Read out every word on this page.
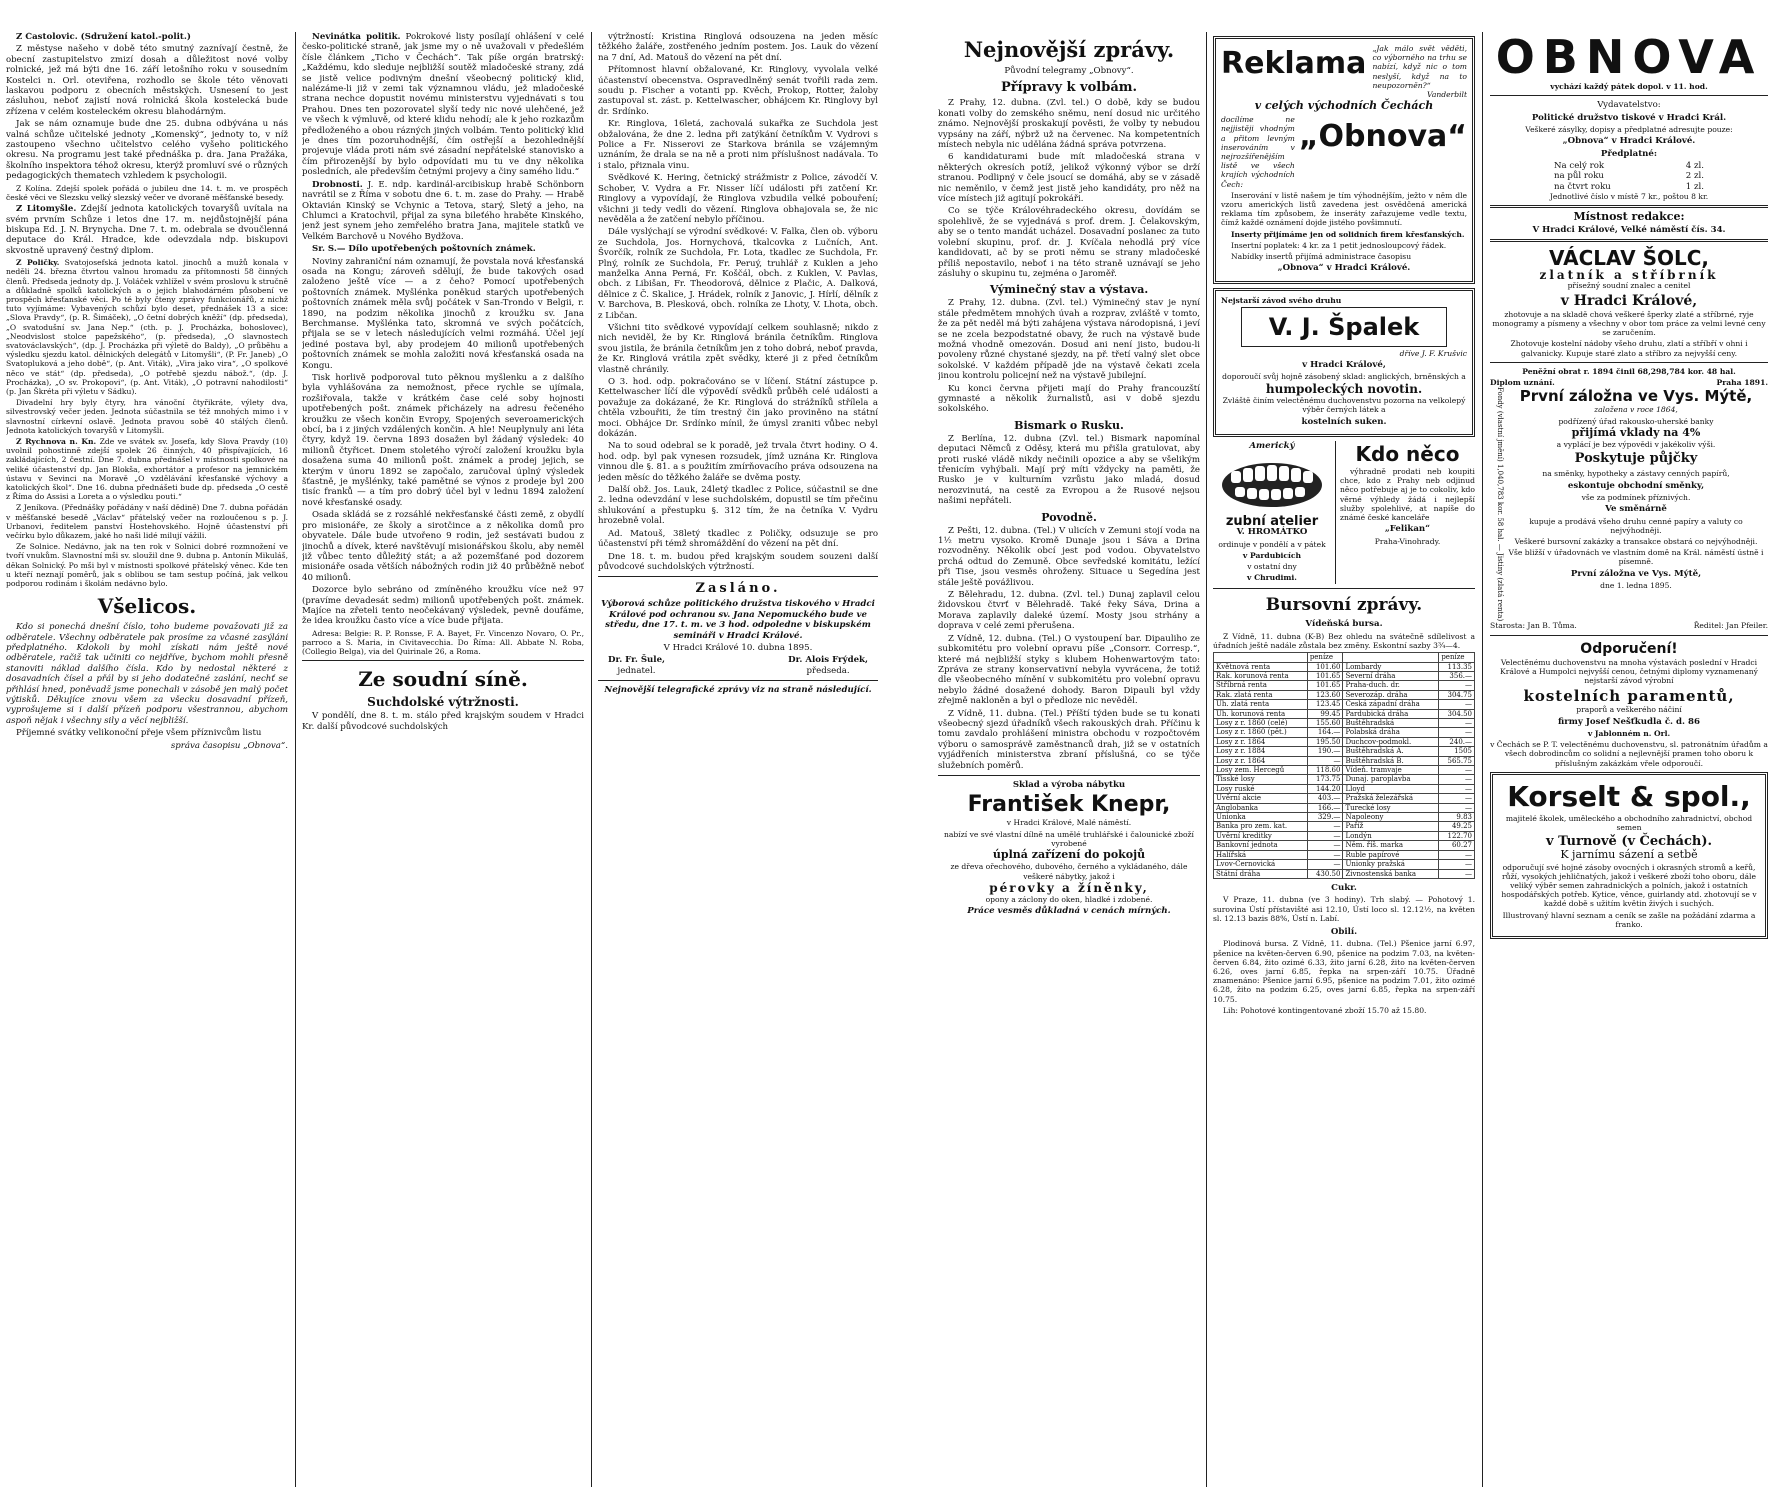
Z Častolovic. (Sdružení katol.-polit.)

Z městyse našeho v době této smutný zaznívají čestně, že obecní zastupitelstvo zmizí dosah a důležitost nové volby rolnické, jež má býti dne 16. září letošního roku v sousedním Kostelci n. Orl. oteviřena, rozhodlo se škole této věnovati laskavou podporu z obecních městských. Usnesení to jest zásluhou, neboť zajistí nová rolnická škola kostelecká bude zřízena v celém kosteleckém okresu blahodárným.

Jak se nám oznamuje bude dne 25. dubna odbývána u nás valná schůze učitelské jednoty „Komenský“, jednoty to, v níž zastoupeno všechno učitelstvo celého vyšeho politického okresu. Na programu jest také přednáška p. dra. Jana Pražáka, školního inspektora téhož okresu, kterýž promluví své o různých pedagogických thematech vzhledem k psychologii.

Z Kolína. Zdejší spolek pořádá o jubileu dne 14. t. m. ve prospěch české věci ve Slezsku velký slezský večer ve dvoraně měšťanské besedy.

Z Litomyšle. Zdejší jednota katolických tovaryšů uvítala na svém prvním Schůze i letos dne 17. m. nejdůstojnější pána biskupa Ed. J. N. Brynycha. Dne 7. t. m. odebrala se dvoučlenná deputace do Král. Hradce, kde odevzdala ndp. biskupovi skvostně upravený čestný diplom.

Z Poličky. Svatojosefská jednota katol. jinochů a mužů konala v neděli 24. března čtvrtou valnou hromadu za přítomnosti 58 činných členů. Předseda jednoty dp. J. Voláček vzhlížel v svém proslovu k stručně a důkladně spolků katolických a o jejich blahodárném působení ve prospěch křesťanské věci. Po té byly čteny zprávy funkcionářů, z nichž tuto vyjímáme: Vybavených schůzí bylo deset, přednášek 13 a sice: „Slova Pravdy“, (p. R. Šimáček), „O četní dobrých kněží“ (dp. předseda), „O svatodušní sv. Jana Nep.“ (cth. p. J. Procházka, bohoslovec), „Neodvislost stolce papežského“, (p. předseda), „O slavnostech svatováclavských“, (dp. J. Procházka při výletě do Baldy), „O průběhu a výsledku sjezdu katol. dělnických delegátů v Litomyšli“, (P. Fr. Janeb) „O Svatopluková a jeho době“, (p. Ant. Viták), „Vira jako vira“, „O spolkové něco ve stát“ (dp. předseda), „O potřebě sjezdu nábož.“, (dp. J. Procházka), „O sv. Prokopovi“, (p. Ant. Viták), „O potravní nahodilosti“ (p. Jan Škréta při výletu v Sádku).

Divadelní hry byly čtyry, hra vánoční čtyřikráte, výlety dva, silvestrovský večer jeden. Jednota súčastnila se též mnohých mimo i v slavnostní církevní oslavě. Jednota pravou sobě 40 stálých členů. Jednota katolických tovaryšů v Litomyšli.

Z Rychnova n. Kn. Zde ve svátek sv. Josefa, kdy Slova Pravdy (10) uvolnil pohostinně zdejší spolek 26 činných, 40 přispívajících, 16 zakládajících, 2 čestní. Dne 7. dubna přednášel v místnosti spolkové na veliké účastenství dp. Jan Blokša, exhortátor a profesor na jemnickém ústavu v Sevinci na Moravě „O vzdělávání křesťanské výchovy a katolických škol“. Dne 16. dubna přednášeti bude dp. předseda „O cestě z Říma do Assisi a Loreta a o výsledku pouti.“

Z Jeníkova. (Přednášky pořádány v naší dědině) Dne 7. dubna pořádán v měšťanské besedě „Václav“ přátelský večer na rozloučenou s p. J. Urbanovi, ředitelem panství Hostehovského. Hojně účastenství při večírku bylo důkazem, jaké ho naši lidé milují vážili.

Ze Solnice. Nedávno, jak na ten rok v Solnici dobré rozmnožení ve tvoří vnukům. Slavnostní mši sv. sloužil dne 9. dubna p. Antonín Mikuláš, děkan Solnický. Po mši byl v místnosti spolkové přátelský věnec. Kde ten u kteří neznají poměrů, jak s oblibou se tam sestup počíná, jak velkou podporou rodinám i školám nedávno bylo.

Všelicos.

Kdo si ponechá dnešní číslo, toho budeme považovati již za odběratele. Všechny odběratele pak prosíme za včasné zasýlání předplatného. Kdokoli by mohl získati nám ještě nové odběratele, račiž tak učiniti co nejdříve, bychom mohli přesně stanoviti náklad dalšího čísla. Kdo by nedostal některé z dosavadních čísel a přál by si jeho dodatečné zaslání, nechť se přihlásí hned, poněvadž jsme ponechali v zásobě jen malý počet výtisků. Děkujíce znovu všem za všecku dosavadní přízeň, vyprošujeme si i další přízeň podporu všestrannou, abychom aspoň nějak i všechny sily a věcí nejbližší.

Příjemné svátky velikonoční přeje všem příznivcům listu

správa časopisu „Obnova“.

Nevinátka politik. Pokrokové listy posílají ohlášení v celé česko-politické straně, jak jsme my o ně uvažovali v předešlém čísle článkem „Ticho v Čechách“. Tak píše orgán bratrský: „Každému, kdo sleduje nejbližší soutěž mladočeské strany, zdá se jistě velice podivným dnešní všeobecný politický klid, nalézáme-li již v zemi tak významnou vládu, jež mladočeské strana nechce dopustit novému ministerstvu vyjednávati s tou Prahou. Dnes ten pozorovatel slyší tedy nic nové ulehčené, jež ve všech k výmluvě, od které klidu nehodí; ale k jeho rozkazům předloženého a obou rázných jiných volbám. Tento politický klid je dnes tím pozoruhodnější, čím ostřejší a bezohlednější projevuje vláda proti nám své zásadní nepřátelské stanovisko a čím přirozenější by bylo odpovídati mu tu ve dny několika posledních, ale především četnými projevy a činy samého lidu.“

Drobnosti. J. E. ndp. kardinál-arcibiskup hrabě Schönborn navrátil se z Říma v sobotu dne 6. t. m. zase do Prahy. — Hrabě Oktavián Kinský se Vchynic a Tetova, starý, Sletý a jeho, na Chlumci a Kratochvil, přijal za syna bileťého hraběte Kinského, jenž jest synem jeho zemřelého bratra Jana, majitele statků ve Velkém Barchově u Nového Bydžova.

Sr. S.— Dílo upotřebených poštovních známek.

Noviny zahraniční nám oznamují, že povstala nová křesťanská osada na Kongu; zároveň sdělují, že bude takových osad založeno ještě více — a z čeho? Pomocí upotřebených poštovních známek. Myšlénka poněkud starých upotřebených poštovních známek měla svůj počátek v San-Trondo v Belgii, r. 1890, na podzim několika jinochů z kroužku sv. Jana Berchmanse. Myšlénka tato, skromná ve svých počátcích, přijala se se v letech následujících velmi rozmáhá. Účel její jediné postava byl, aby prodejem 40 milionů upotřebených poštovních známek se mohla založiti nová křesťanská osada na Kongu.

Tisk horlivě podporoval tuto pěknou myšlenku a z dalšího byla vyhlášována za nemožnost, přece rychle se ujímala, rozšiřovala, takže v krátkém čase celé soby hojnosti upotřebených pošt. známek přicházely na adresu řečeného kroužku ze všech končin Evropy, Spojených severoamerických obcí, ba i z jiných vzdálených končin. A hle! Neuplynuly ani léta čtyry, když 19. června 1893 dosažen byl žádaný výsledek: 40 milionů čtyřicet. Dnem stoletého výročí založení kroužku byla dosažena suma 40 milionů pošt. známek a prodej jejich, se kterým v únoru 1892 se započalo, zaručoval úplný výsledek šťastně, je myšlénky, také pamětné se výnos z prodeje byl 200 tisíc franků — a tím pro dobrý účel byl v lednu 1894 založení nové křesťanské osady.

Osada skládá se z rozsáhlé nekřesťanské části země, z obydlí pro misionáře, ze školy a sirotčince a z několika domů pro obyvatele. Dále bude utvořeno 9 rodin, jež sestávati budou z jinochů a dívek, které navštěvují misionářskou školu, aby neměl již vůbec tento důležitý stát; a až pozemšťané pod dozorem misionáře osada větších nábožných rodin již 40 průběžně neboť 40 milionů.

Dozorce bylo sebráno od zmíněného kroužku více než 97 (pravíme devadesát sedm) milionů upotřebených pošt. známek. Majíce na zřeteli tento neočekávaný výsledek, pevně doufáme, že idea kroužku často více a více bude přijata.

Adresa: Belgie: R. P. Ronsse, F. A. Bayet, Fr. Vincenzo Novaro, O. Pr., parroco a S. Maria, in Civitavecchia. Do Říma: All. Abbate N. Roba, (Collegio Belga), via del Quirinale 26, a Roma.

Ze soudní síně.

Suchdolské výtržnosti.

V pondělí, dne 8. t. m. stálo před krajským soudem v Hradci Kr. další původcové suchdolských

výtržností: Kristina Ringlová odsouzena na jeden měsíc těžkého žaláře, zostřeného jedním postem. Jos. Lauk do vězení na 7 dní, Ad. Matouš do vězení na pět dní.

Přítomnost hlavní obžalované, Kr. Ringlovy, vyvolala velké účastenství obecenstva. Ospravedlněný senát tvořili rada zem. soudu p. Fischer a votanti pp. Kvěch, Prokop, Rotter, žaloby zastupoval st. zást. p. Kettelwascher, obhájcem Kr. Ringlovy byl dr. Srdínko.

Kr. Ringlova, 16letá, zachovalá sukařka ze Suchdola jest obžalována, že dne 2. ledna při zatýkání četníkům V. Vydrovi s Police a Fr. Nisserovi ze Starkova bránila se vzájemným uznáním, že drala se na ně a proti nim příslušnost nadávala. To i stalo, přiznala vinu.

Svědkové K. Hering, četnický strážmistr z Police, závodčí V. Schober, V. Vydra a Fr. Nisser líčí události při zatčení Kr. Ringlovy a vypovídají, že Ringlova vzbudila velké pobouření; všichni ji tedy vedli do vězení. Ringlova obhajovala se, že nic nevěděla a že zatčení nebylo příčinou.

Dále vyslýchají se výrodní svědkové: V. Falka, člen ob. výboru ze Suchdola, Jos. Hornychová, tkalcovka z Lučních, Ant. Švorčík, rolník ze Suchdola, Fr. Lota, tkadlec ze Suchdola, Fr. Plný, rolník ze Suchdola, Fr. Peruý, truhlář z Kuklen a jeho manželka Anna Perná, Fr. Koščál, obch. z Kuklen, V. Pavlas, obch. z Libišan, Fr. Theodorová, dělnice z Plačic, A. Dalková, dělnice z Č. Skalice, J. Hrádek, rolník z Janovic, J. Hírlí, dělník z V. Barchova, B. Plesková, obch. rolníka ze Lhoty, V. Lhota, obch. z Libčan.

Všichni tito svědkové vypovídají celkem souhlasně; nikdo z nich neviděl, že by Kr. Ringlová bránila četníkům. Ringlova svou jistila, že bránila četníkům jen z toho dobrá, neboť pravda, že Kr. Ringlová vrátila zpět svědky, které ji z před četníkům vlastně chránily.

O 3. hod. odp. pokračováno se v líčení. Státní zástupce p. Kettelwascher líčí dle výpovědí svědků průběh celé události a považuje za dokázané, že Kr. Ringlová do strážníků střílela a chtěla vzbouřiti, že tím trestný čin jako proviněno na státní moci. Obhájce Dr. Srdínko mínil, že úmysl zraniti vůbec nebyl dokázán.

Na to soud odebral se k poradě, jež trvala čtvrt hodiny. O 4. hod. odp. byl pak vynesen rozsudek, jímž uznána Kr. Ringlova vinnou dle §. 81. a s použitím zmírňovacího práva odsouzena na jeden měsíc do těžkého žaláře se dvěma posty.

Další obž. Jos. Lauk, 24letý tkadlec z Police, súčastnil se dne 2. ledna odevzdání v lese suchdolském, dopustil se tím přečinu shlukování a přestupku §. 312 tím, že na četníka V. Vydru hrozebně volal.

Ad. Matouš, 38letý tkadlec z Poličky, odsuzuje se pro účastenství při témž shromáždění do vězení na pět dní.

Dne 18. t. m. budou před krajským soudem souzeni další původcové suchdolských výtržností.

Zasláno.

Výborová schůze politického družstva tiskového v Hradci Králové pod ochranou sv. Jana Nepomuckého bude ve středu, dne 17. t. m. ve 3 hod. odpoledne v biskupském semináři v Hradci Králové.

V Hradci Králové 10. dubna 1895.

Dr. Fr. Šule,
jednatel.
Dr. Alois Frýdek,
předseda.

Nejnovější telegrafické zprávy viz na straně následující.

Nejnovější zprávy.

Původní telegramy „Obnovy“.

Přípravy k volbám.

Z Prahy, 12. dubna. (Zvl. tel.) O době, kdy se budou konati volby do zemského sněmu, není dosud nic určitého známo. Nejnovější proskakují pověsti, že volby ty nebudou vypsány na září, nýbrž už na červenec. Na kompetentních místech nebyla nic udělána žádná správa potvrzena.

6 kandidaturami bude mít mladočeská strana v některých okresích potíž, jelikož výkonný výbor se drží stranou. Podlipný v čele jsoucí se domáhá, aby se v zásadě nic neměnilo, v čemž jest jistě jeho kandidáty, pro něž na více místech již agitují pokrokáři.

Co se týče Královéhradeckého okresu, dovídám se spolehlivě, že se vyjednává s prof. drem. J. Čelakovským, aby se o tento mandát ucházel. Dosavadní poslanec za tuto volební skupinu, prof. dr. J. Kvíčala nehodlá prý více kandidovati, ač by se proti němu se strany mladočeské příliš nepostavilo, neboť i na této straně uznávají se jeho zásluhy o skupinu tu, zejména o Jaroměř.

Výminečný stav a výstava.

Z Prahy, 12. dubna. (Zvl. tel.) Výminečný stav je nyní stále předmětem mnohých úvah a rozprav, zvláště v tomto, že za pět neděl má býti zahájena výstava národopisná, i jeví se ne zcela bezpodstatné obavy, že ruch na výstavě bude možná vhodně omezován. Dosud ani není jisto, budou-li povoleny různé chystané sjezdy, na př. třetí valný slet obce sokolské. V každém případě jde na výstavě čekati zcela jinou kontrolu policejní než na výstavě jubilejní.

Ku konci června přijeti mají do Prahy francouzští gymnasté a několik žurnalistů, asi v době sjezdu sokolského.

Bismark o Rusku.

Z Berlína, 12. dubna (Zvl. tel.) Bismark napomínal deputaci Němců z Oděsy, která mu přišla gratulovat, aby proti ruské vládě nikdy nečinili opozice a aby se všelikým třenicím vyhýbali. Mají prý míti vždycky na paměti, že Rusko je v kulturním vzrůstu jako mladá, dosud nerozvinutá, na cestě za Evropou a že Rusové nejsou našimi nepřáteli.

Povodně.

Z Pešti, 12. dubna. (Tel.) V ulicích v Zemuni stojí voda na 1½ metru vysoko. Kromě Dunaje jsou i Sáva a Drina rozvodněny. Několik obcí jest pod vodou. Obyvatelstvo prchá odtud do Zemuně. Obce sevředské komitátu, ležící při Tise, jsou vesměs ohroženy. Situace u Segedína jest stále ještě povážlivou.

Z Bělehradu, 12. dubna. (Zvl. tel.) Dunaj zaplavil celou židovskou čtvrť v Bělehradě. Také řeky Sáva, Drina a Morava zaplavily daleké území. Mosty jsou strhány a doprava v celé zemi přerušena.

Z Vídně, 12. dubna. (Tel.) O vystoupení bar. Dipauliho ze subkomitétu pro volební opravu píše „Consorr. Corresp.“, které má nejbližší styky s klubem Hohenwartovým tato: Zpráva ze strany konservativní nebyla vyvrácena, že totiž dle všeobecného mínění v subkomitétu pro volební opravu nebylo žádné dosažené dohody. Baron Dipauli byl vždy zřejmě nakloněn a byl o předloze nic nevěděl.

Z Vídně, 11. dubna. (Tel.) Příští týden bude se tu konati všeobecný sjezd úřadníků všech rakouských drah. Příčinu k tomu zavdalo prohlášení ministra obchodu v rozpočtovém výboru o samosprávě zaměstnanců drah, již se v ostatních vyjádřeních ministerstva zbraní příslušná, co se týče služebních poměrů.

Sklad a výroba nábytku

František Knepr,

v Hradci Králové, Malé náměstí.

nabízí ve své vlastní dílně na umělé truhlářské i čalounické zboží vyrobené

úplná zařízení do pokojů

ze dřeva ořechového, dubového, černého a vykládaného, dále veškeré nábytky, jakož i

pérovky a žíněnky,

opony a záclony do oken, hladké i zdobené.

Práce vesměs důkladná v cenách mírných.

Reklama „Jak málo svět věděti, co výborného na trhu se nabízí, když nic o tom neslyší, když na to neupozorněn?“
Vanderbilt

v celých východních Čechách

docílíme ne nejjistěji vhodným a přitom levným inserováním v nejrozšířenějším listě ve všech krajích východních Čech:

„Obnova“

Inserování v listě našem je tím výhodnějším, ježto v něm dle vzoru amerických listů zavedena jest osvědčená americká reklama tím způsobem, že inseráty zařazujeme vedle textu, čímž každé oznámení dojde jistého povšimnutí.

Inserty přijímáme jen od solidních firem křesťanských.

Insertní poplatek: 4 kr. za 1 petit jednosloupcový řádek.

Nabídky insertů přijímá administrace časopisu

„Obnova“ v Hradci Králové.

Nejstarší závod svého druhu

V. J. Špalek

dříve J. F. Krušvic

v Hradci Králové,

doporoučí svůj hojně zásobený sklad: anglických, brněnských a

humpoleckých novotin.

Zvláště činím velectěnému duchovenstvu pozorna na velkolepý výběr černých látek a

kostelních suken.

Americký

zubní atelier

V. HROMÁTKO

ordinuje v pondělí a v pátek

v Pardubicích

v ostatní dny

v Chrudimi.

Kdo něco

výhradně prodati neb koupiti chce, kdo z Prahy neb odjinud něco potřebuje aj je to cokoliv, kdo věrné výhledy žádá i nejlepší služby spolehlivé, at napíše do známé české kanceláře

„Felikan“

Praha-Vinohrady.

Bursovní zprávy.

Vídeňská bursa.

Z Vídně, 11. dubna (K-B) Bez ohledu na svátečně sdílelivost a úřadních ještě nadále zůstala bez změny. Eskontní sazby 3¾—4.

	peníze		peníze
Květnová renta	101.60	Lombardy	113.35
Rak. korunová renta	101.65	Severní dráha	356.—
Stříbrná renta	101.65	Praha-duch. dr.	—
Rak. zlatá renta	123.60	Severozáp. dráha	304.75
Uh. zlatá renta	123.45	Česká západní dráha	—
Uh. korunová renta	99.45	Pardubická dráha	304.50
Losy z r. 1860 (celé)	155.60	Buštěhradská	—
Losy z r. 1860 (pět.)	164.—	Polabská dráha	—
Losy z r. 1864	195.50	Duchcov-podmokl.	240.—
Losy z r. 1884	190.—	Buštěhradská A.	1505
Losy z r. 1864	—	Buštěhradská B.	565.75
Losy zem. Hercegů	118.60	Vídeň. tramvaje	—
Tisské losy	173.75	Dunaj. paroplavba	—
Losy ruské	144.20	Lloyd	—
Úvěrní akcie	403.—	Pražská železářská	—
Anglobanka	166.—	Turecké losy	—
Unionka	329.—	Napoleony	9.83
Banka pro zem. kat.	—	Paříž	49.25
Úvěrní kreditky	—	Londýn	122.70
Bankovní jednota	—	Něm. říš. marka	60.27
Halířská	—	Ruble papírové	—
Lvov-Černovická	—	Unionky pražská	—
Státní dráha	430.50	Živnostenská banka	—

Cukr.

V Praze, 11. dubna (ve 3 hodiny). Trh slabý. — Pohotový 1. surovina Ústí přístavišté asi 12.10, Ústí loco sl. 12.12½, na květen sl. 12.13 bazis 88%, Ústí n. Labí.

Obilí.

Plodinová bursa. Z Vídně, 11. dubna. (Tel.) Pšenice jarní 6.97, pšenice na květen-červen 6.90, pšenice na podzim 7.03, na květen-červen 6.84, žito ozimé 6.33, žito jarní 6.28, žito na květen-červen 6.26, oves jarní 6.85, řepka na srpen-září 10.75. Úřadně znamenáno: Pšenice jarní 6.95, pšenice na podzim 7.01, žito ozimé 6.28, žito na podzim 6.25, oves jarní 6.85, řepka na srpen-září 10.75.

Lih: Pohotové kontingentované zboží 15.70 až 15.80.

OBNOVA

vychází každý pátek dopol. v 11. hod.

Vydavatelstvo:

Politické družstvo tiskové v Hradci Král.

Veškeré zásylky, dopisy a předplatné adresujte pouze:

„Obnova“ v Hradci Králové.

Předplatné:

Na celý rok	4 zl.
na půl roku	2 zl.
na čtvrt roku	1 zl.

Jednotlivé číslo v místě 7 kr., poštou 8 kr.

Místnost redakce:

V Hradci Králové, Velké náměstí čís. 34.

VÁCLAV ŠOLC,
zlatník a stříbrník

přísežný soudní znalec a cenitel

v Hradci Králové,

zhotovuje a na skladě chová veškeré šperky zlaté a stříbrné, ryje monogramy a písmeny a všechny v obor tom práce za velmi levné ceny se zaručením.

Zhotovuje kostelní nádoby všeho druhu, zlatí a stříbří v ohni i galvanicky. Kupuje staré zlato a stříbro za nejvyšší ceny.

Peněžní obrat r. 1894 činil 68,298,784 kor. 48 hal.

Diplom uznání.	Praha 1891.
Fondy (vlastní jmění) 1,040,783 kor. 58 hal. — Jistiny (zlatá renta)	První záložna ve Vys. Mýtě,

založena v roce 1864,

podřízený úřad rakousko-uherské banky

přijímá vklady na 4%

a vyplácí je bez výpovědi v jakékoliv výši.

Poskytuje půjčky

na směnky, hypotheky a zástavy cenných papírů,

eskontuje obchodní směnky,

vše za podmínek příznivých.

Ve směnárně

kupuje a prodává všeho druhu cenné papíry a valuty co nejvýhodněji.

Veškeré bursovní zakázky a transakce obstará co nejvýhodněji.

Vše bližší v úřadovnách ve vlastním domě na Král. náměstí ústně i písemně.

První záložna ve Vys. Mýtě,

dne 1. ledna 1895.

Starosta: Jan B. Tůma.	Ředitel: Jan Pfeiler.
Odporučení!

Velectěnému duchovenstvu na mnoha výstavách poslední v Hradci Králové a Humpolci nejvyšší cenou, četnými diplomy vyznamenaný nejstarší závod výrobní

kostelních paramentů,

praporů a veškerého náčiní

firmy Josef Nešťkudla č. d. 86

v Jablonném n. Orl.

v Čechách se P. T. velectěnému duchovenstvu, sl. patronátním úřadům a všech dobrodincům co solidní a nejlevnější pramen toho oboru k příslušným zakázkám vřele odporoučí.

Korselt & spol.,

majitelé školek, uměleckého a obchodního zahradnictví, obchod semen

v Turnově (v Čechách).

K jarnímu sázení a setbě

odporučují své hojné zásoby ovocných i okrasných stromů a keřů, růží, vysokých jehličnatých, jakož i veškeré zboží toho oboru, dále veliký výběr semen zahradnických a polních, jakož i ostatních hospodářských potřeb. Kytice, věnce, guirlandy atd. zhotovují se v každé době s užitím květin živých i suchých.

Illustrovaný hlavní seznam a ceník se zašle na požádání zdarma a franko.
